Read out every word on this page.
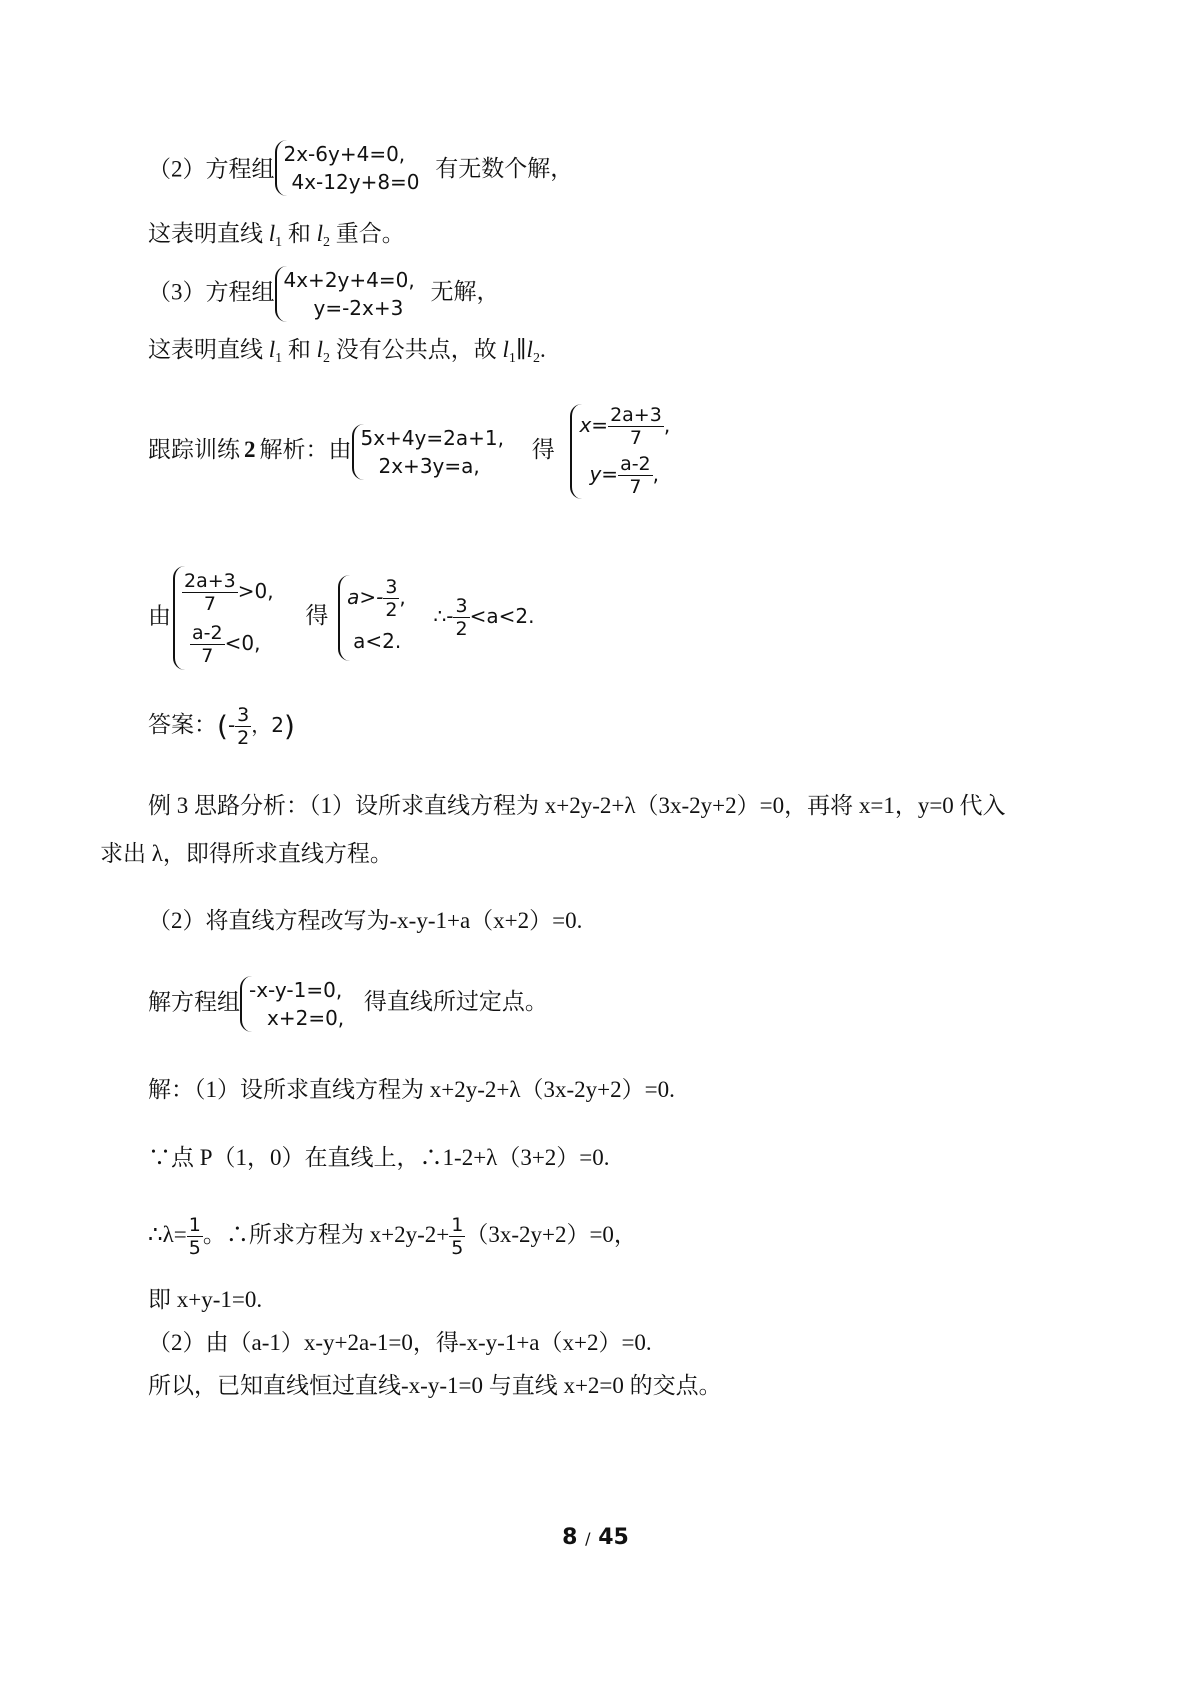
（2）方程组
2x-6y+4=0,
4x-12y+8=0
有无数个解，
这表明直线 $l_1$ 和 $l_2$ 重合。
（3）方程组 4x+2y+4=0,
y=-2x+3
无解，
这表明直线 $l_1$ 和 $l_2$ 没有公共点，故 $l_1\parallel l_2$.
跟踪训练 2 解析：由 5x+4y=2a+1,
2x+3y=a,
得
$x= \frac{2a+3}{7}$ ,
$y= \frac{a-2}{7}$ ,
由
$\frac{2a+3}{7} >0$,
$\frac{a-2}{7} <0$,
得
$a>- \frac{3}{2}$ ,
a<2.
∴- $\frac{3}{2} <a<2$.
答案：(- $\frac{3}{2}$ ，2)
例 3 思路分析：（1）设所求直线方程为 x+2y-2+λ（3x-2y+2）=0，再将 x=1，y=0 代入
求出 λ，即得所求直线方程。
（2）将直线方程改写为-x-y-1+a（x+2）=0.
解方程组 -x-y-1=0,
x+2=0,
得直线所过定点。
解：（1）设所求直线方程为 x+2y-2+λ（3x-2y+2）=0.
∵点 P（1，0）在直线上，∴1-2+λ（3+2）=0.
∴λ= $\frac{1}{5}$ 。∴所求方程为 $x+2y-2+ \frac{1}{5} (3x-2y+2)=0$，
即 x+y-1=0.
（2）由（a-1）x-y+2a-1=0，得-x-y-1+a（x+2）=0.
所以，已知直线恒过直线-x-y-1=0 与直线 x+2=0 的交点。
8 / 45
